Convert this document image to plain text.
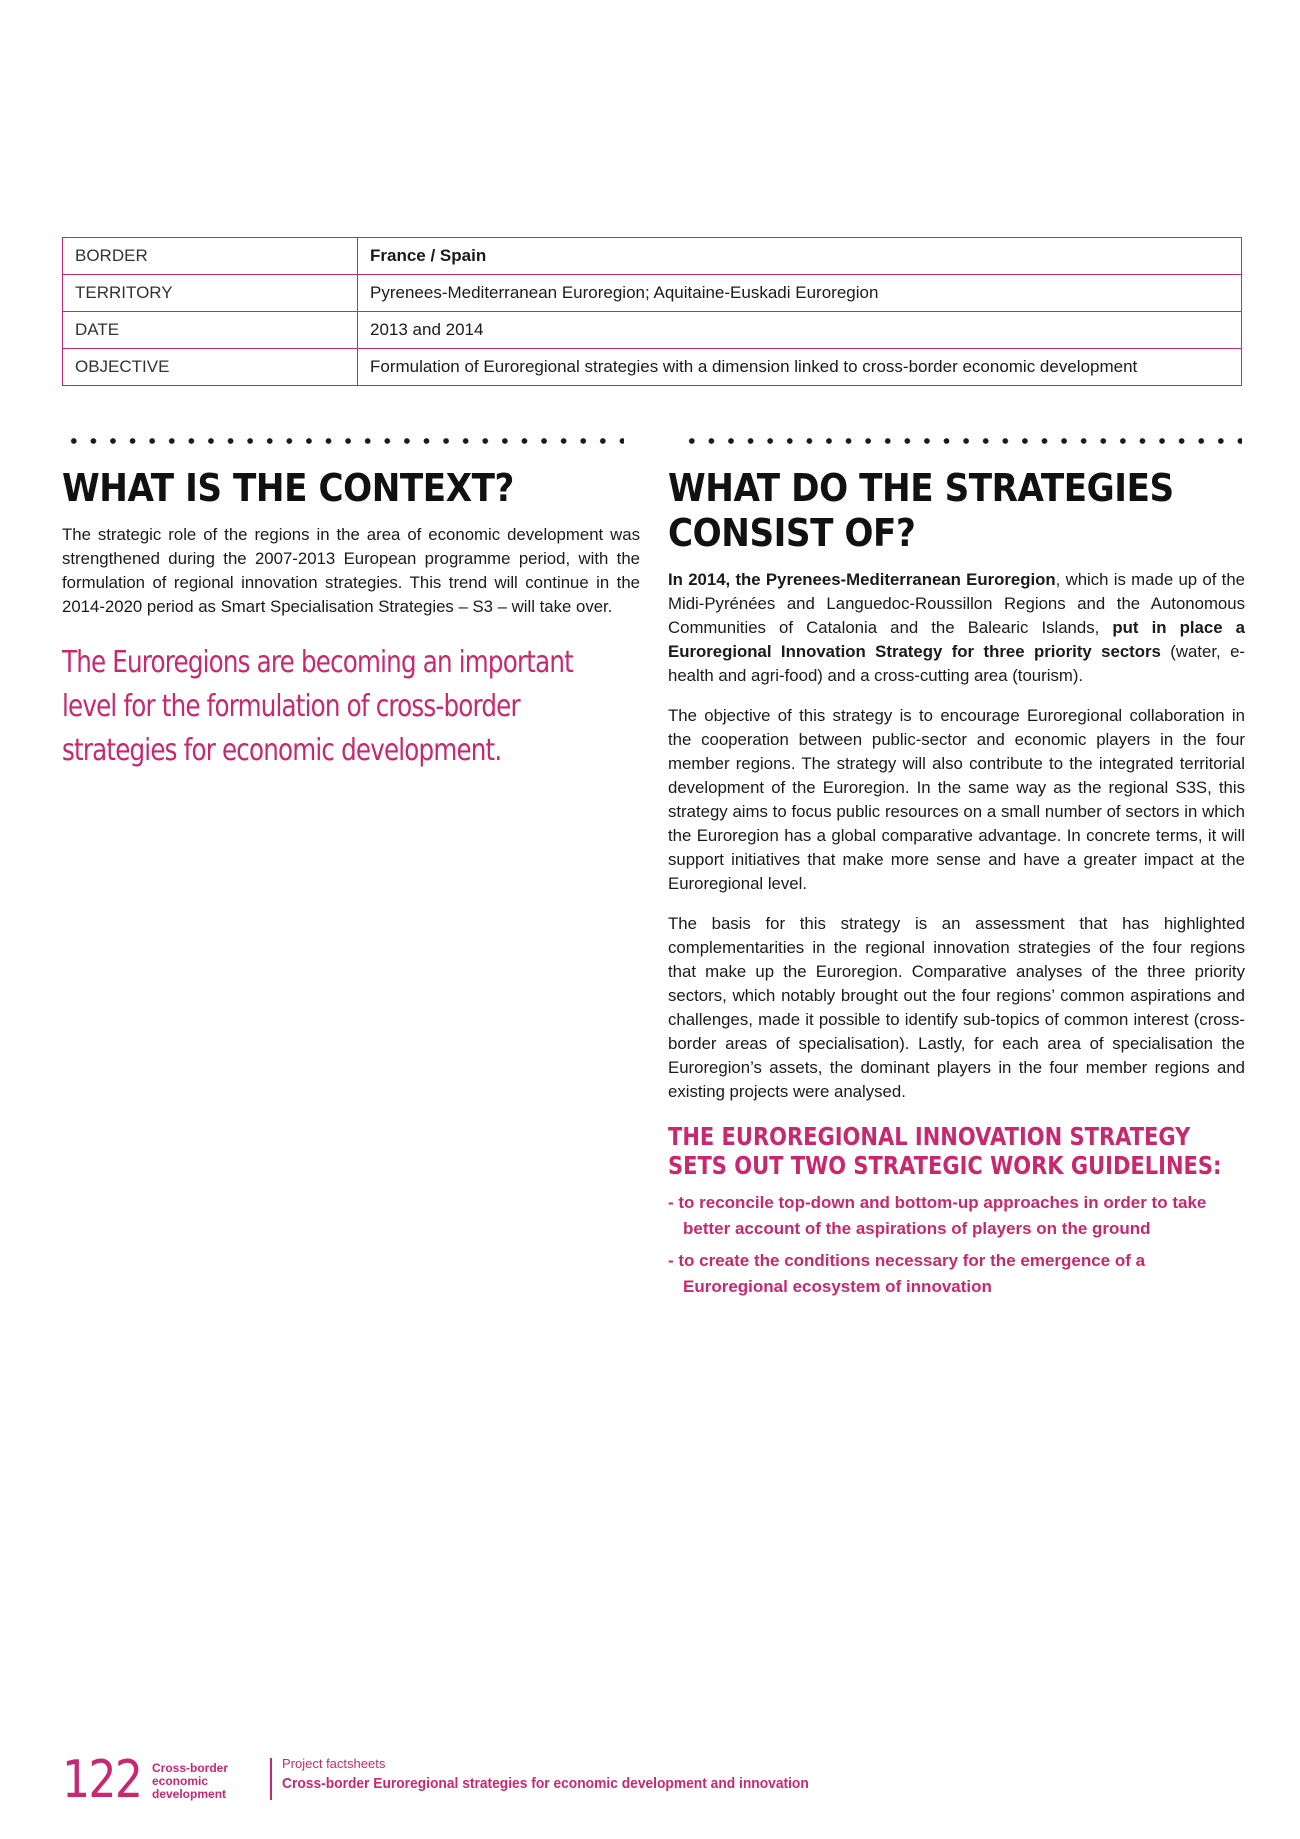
BORDER	France / Spain
TERRITORY	Pyrenees-Mediterranean Euroregion; Aquitaine-Euskadi Euroregion
DATE	2013 and 2014
OBJECTIVE	Formulation of Euroregional strategies with a dimension linked to cross-border economic development
WHAT IS THE CONTEXT?

The strategic role of the regions in the area of economic development was strengthened during the 2007-2013 European programme period, with the formulation of regional innovation strategies. This trend will continue in the 2014-2020 period as Smart Specialisation Strategies – S3 – will take over.

The Euroregions are becoming an important level for the formulation of cross-border strategies for economic development.
WHAT DO THE STRATEGIES CONSIST OF?

In 2014, the Pyrenees-Mediterranean Euroregion, which is made up of the Midi-Pyrénées and Languedoc-Roussillon Regions and the Autonomous Communities of Catalonia and the Balearic Islands, put in place a Euroregional Innovation Strategy for three priority sectors (water, e-health and agri-food) and a cross-cutting area (tourism).

The objective of this strategy is to encourage Euroregional collaboration in the cooperation between public-sector and economic players in the four member regions. The strategy will also contribute to the integrated territorial development of the Euroregion. In the same way as the regional S3S, this strategy aims to focus public resources on a small number of sectors in which the Euroregion has a global comparative advantage. In concrete terms, it will support initiatives that make more sense and have a greater impact at the Euroregional level.

The basis for this strategy is an assessment that has highlighted complementarities in the regional innovation strategies of the four regions that make up the Euroregion. Comparative analyses of the three priority sectors, which notably brought out the four regions’ common aspirations and challenges, made it possible to identify sub-topics of common interest (cross-border areas of specialisation). Lastly, for each area of specialisation the Euroregion’s assets, the dominant players in the four member regions and existing projects were analysed.

THE EUROREGIONAL INNOVATION STRATEGY SETS OUT TWO STRATEGIC WORK GUIDELINES:
- to reconcile top-down and bottom-up approaches in order to take better account of the aspirations of players on the ground
- to create the conditions necessary for the emergence of a Euroregional ecosystem of innovation
122 Cross-border economic development
Project factsheets
Cross-border Euroregional strategies for economic development and innovation
